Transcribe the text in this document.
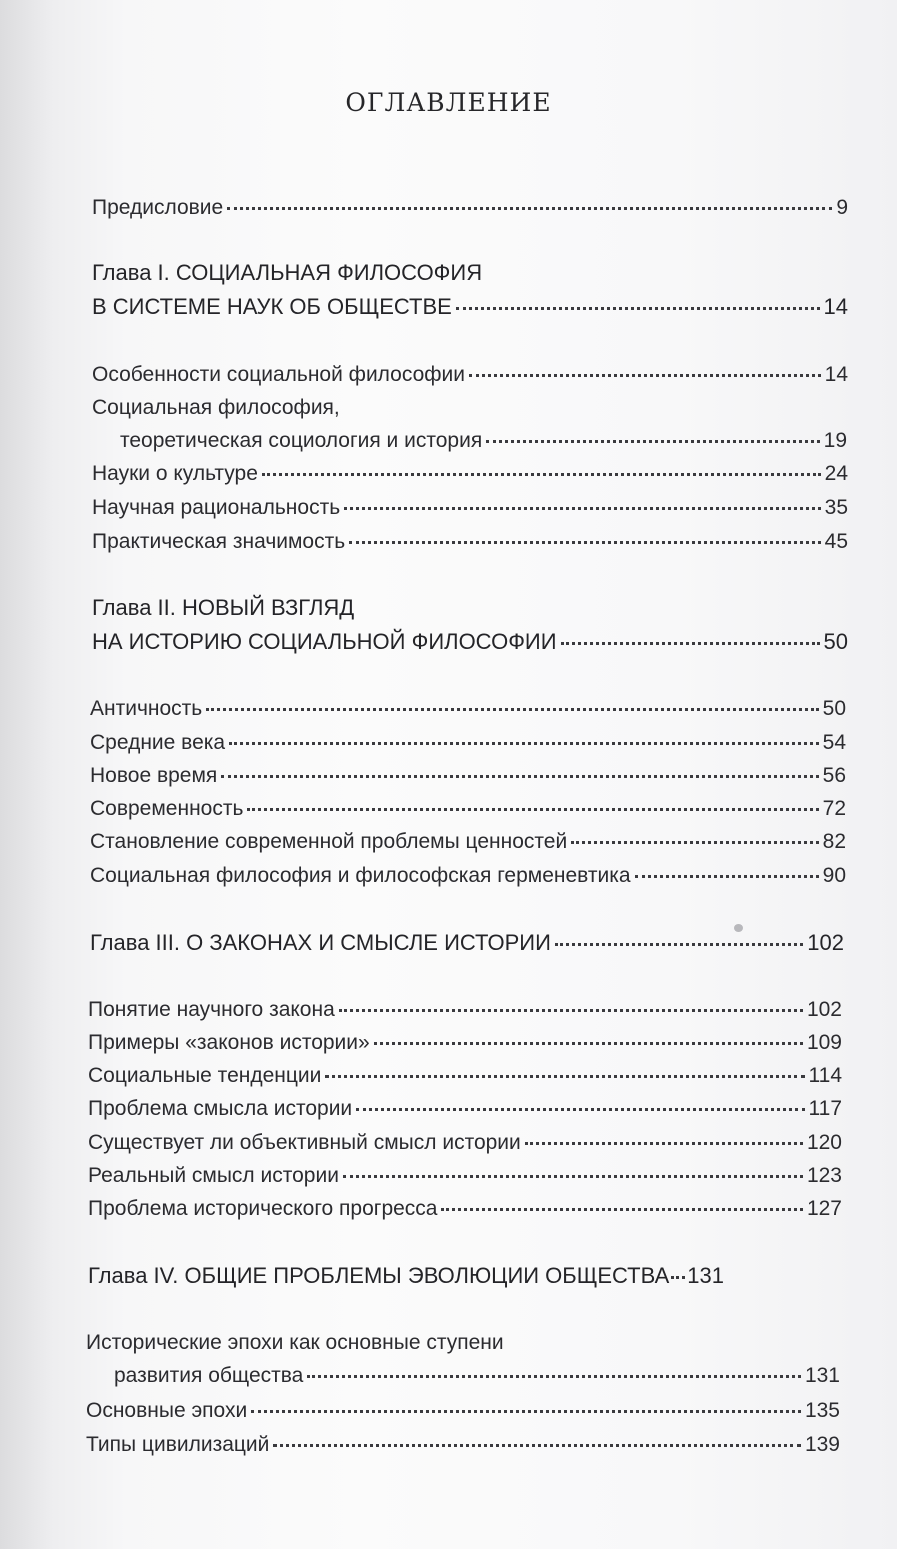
ОГЛАВЛЕНИЕ
Предисловие	9
Глава I. СОЦИАЛЬНАЯ ФИЛОСОФИЯ
В СИСТЕМЕ НАУК ОБ ОБЩЕСТВЕ	14
Особенности социальной философии	14
Социальная философия,
теоретическая социология и история	19
Науки о культуре	24
Научная рациональность	35
Практическая значимость	45
Глава II. НОВЫЙ ВЗГЛЯД
НА ИСТОРИЮ СОЦИАЛЬНОЙ ФИЛОСОФИИ	50
Античность	50
Средние века	54
Новое время	56
Современность	72
Становление современной проблемы ценностей	82
Социальная философия и философская герменевтика	90
Глава III. О ЗАКОНАХ И СМЫСЛЕ ИСТОРИИ	102
Понятие научного закона	102
Примеры «законов истории»	109
Социальные тенденции	114
Проблема смысла истории	117
Существует ли объективный смысл истории	120
Реальный смысл истории	123
Проблема исторического прогресса	127
Глава IV. ОБЩИЕ ПРОБЛЕМЫ ЭВОЛЮЦИИ ОБЩЕСТВА 131
Исторические эпохи как основные ступени
развития общества	131
Основные эпохи	135
Типы цивилизаций	139
